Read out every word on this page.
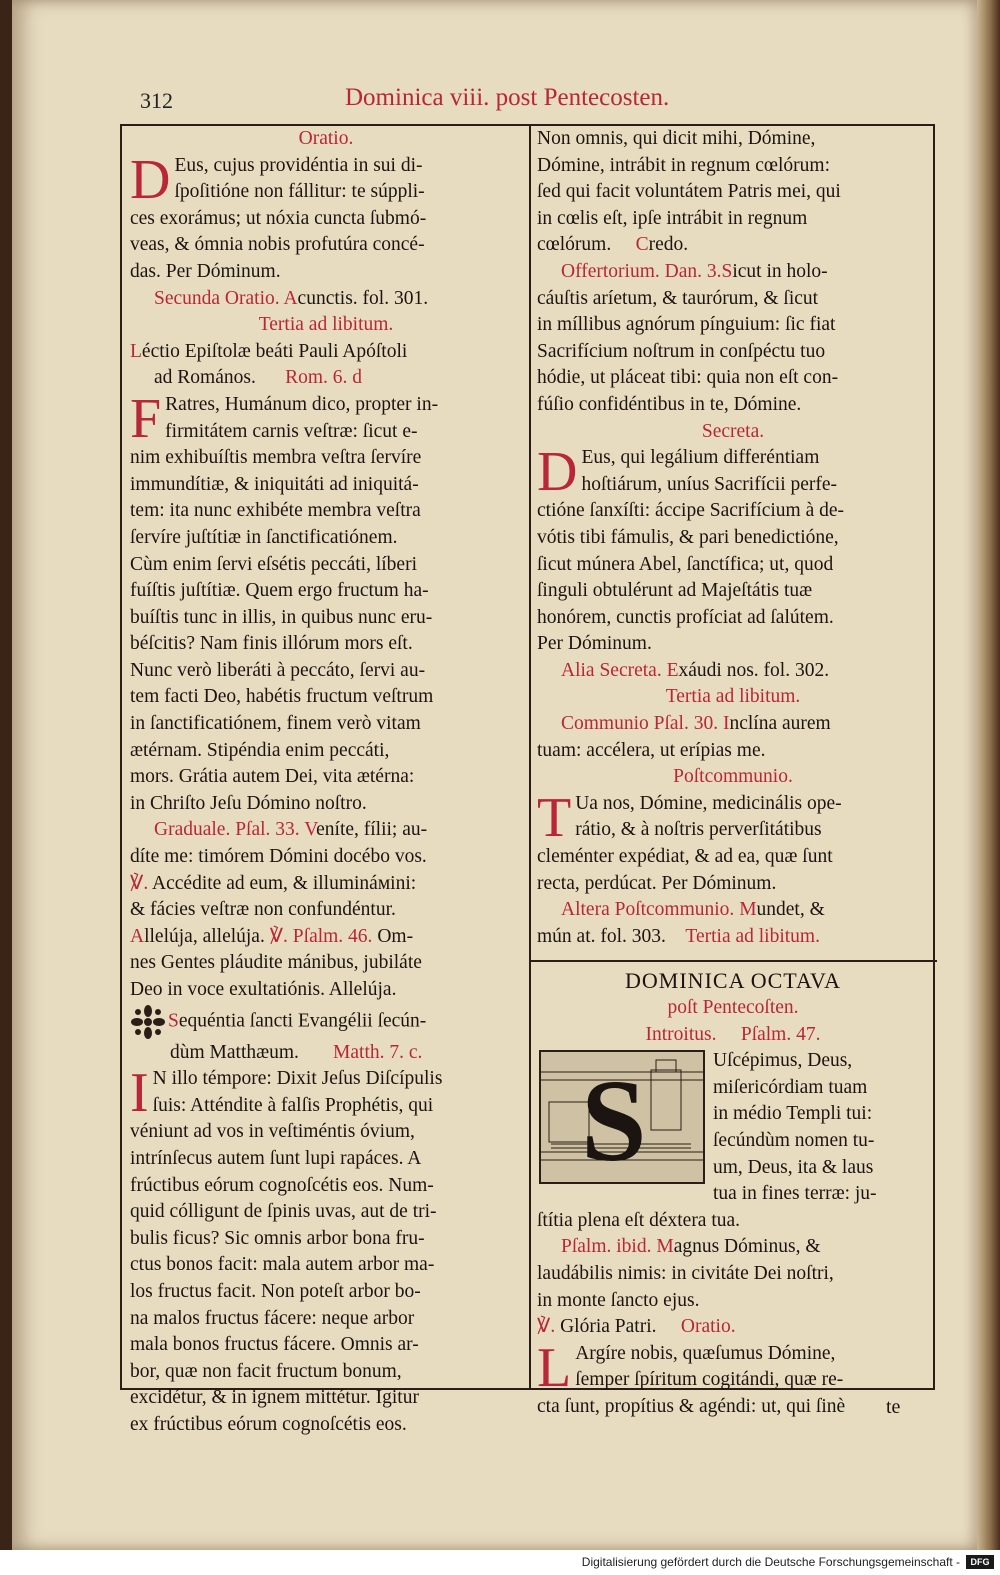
312	Dominica viii. post Pentecosten.
Oratio.
D Eus, cujus providéntia in sui di-
ſpoſitióne non fállitur: te súppli-
ces exorámus; ut nóxia cuncta ſubmó-
veas, & ómnia nobis profutúra concé-
das. Per Dóminum.
Secunda Oratio. Acunctis. fol. 301.
Tertia ad libitum.
Léctio Epiſtolæ beáti Pauli Apóſtoli
ad Romános. Rom. 6. d
F Ratres, Humánum dico, propter in-
firmitátem carnis veſtræ: ſicut e-
nim exhibuíſtis membra veſtra ſervíre
immundítiæ, & iniquitáti ad iniquitá-
tem: ita nunc exhibéte membra veſtra
ſervíre juſtítiæ in ſanctificatiónem.
Cùm enim ſervi eſsétis peccáti, líberi
fuíſtis juſtítiæ. Quem ergo fructum ha-
buíſtis tunc in illis, in quibus nunc eru-
béſcitis? Nam finis illórum mors eſt.
Nunc verò liberáti à peccáto, ſervi au-
tem facti Deo, habétis fructum veſtrum
in ſanctificatiónem, finem verò vitam
ætérnam. Stipéndia enim peccáti,
mors. Grátia autem Dei, vita ætérna:
in Chriſto Jeſu Dómino noſtro.
Graduale. Pſal. 33. Veníte, fílii; au-
díte me: timórem Dómini docébo vos.
℣. Accédite ad eum, & illumináмini:
& fácies veſtræ non confundéntur.
Allelúja, allelúja. ℣. Pſalm. 46. Om-
nes Gentes pláudite mánibus, jubiláte
Deo in voce exultatiónis. Allelúja.
Sequéntia ſancti Evangélii ſecún-
dùm Matthæum. Matth. 7. c.
I N illo témpore: Dixit Jeſus Diſcípulis
ſuis: Atténdite à falſis Prophétis, qui
véniunt ad vos in veſtiméntis óvium,
intrínſecus autem ſunt lupi rapáces. A
frúctibus eórum cognoſcétis eos. Num-
quid cólligunt de ſpinis uvas, aut de tri-
bulis ficus? Sic omnis arbor bona fru-
ctus bonos facit: mala autem arbor ma-
los fructus facit. Non poteſt arbor bo-
na malos fructus fácere: neque arbor
mala bonos fructus fácere. Omnis ar-
bor, quæ non facit fructum bonum,
excidétur, & in ignem mittétur. Igitur
ex frúctibus eórum cognoſcétis eos.
Non omnis, qui dicit mihi, Dómine,
Dómine, intrábit in regnum cœlórum:
ſed qui facit voluntátem Patris mei, qui
in cœlis eſt, ipſe intrábit in regnum
cœlórum. Credo.
Offertorium. Dan. 3.Sicut in holo-
cáuſtis aríetum, & taurórum, & ſicut
in míllibus agnórum pínguium: ſic fiat
Sacrifícium noſtrum in conſpéctu tuo
hódie, ut pláceat tibi: quia non eſt con-
fúſio confidéntibus in te, Dómine.
Secreta.
D Eus, qui legálium differéntiam
hoſtiárum, uníus Sacrifícii perfe-
ctióne ſanxíſti: áccipe Sacrifícium à de-
vótis tibi fámulis, & pari benedictióne,
ſicut múnera Abel, ſanctífica; ut, quod
ſinguli obtulérunt ad Majeſtátis tuæ
honórem, cunctis profíciat ad ſalútem.
Per Dóminum.
Alia Secreta. Exáudi nos. fol. 302.
Tertia ad libitum.
Communio Pſal. 30. Inclína aurem
tuam: accélera, ut erípias me.
Poſtcommunio.
T Ua nos, Dómine, medicinális ope-
rátio, & à noſtris perverſitátibus
cleménter expédiat, & ad ea, quæ ſunt
recta, perdúcat. Per Dóminum.
Altera Poſtcommunio. Mundet, &
mún at. fol. 303. Tertia ad libitum.
DOMINICA OCTAVA
poſt Pentecoſten.
Introitus. Pſalm. 47.
S	Uſcépimus, Deus,
miſericórdiam tuam
in médio Templi tui:
ſecúndùm nomen tu-
um, Deus, ita & laus
tua in fines terræ: ju-
ſtítia plena eſt déxtera tua.
Pſalm. ibid. Magnus Dóminus, &
laudábilis nimis: in civitáte Dei noſtri,
in monte ſancto ejus.
℣. Glória Patri. Oratio.
L Argíre nobis, quæſumus Dómine,
ſemper ſpíritum cogitándi, quæ re-
cta ſunt, propítius & agéndi: ut, qui ſinè	te
Digitalisierung gefördert durch die Deutsche Forschungsgemeinschaft -	DFG
